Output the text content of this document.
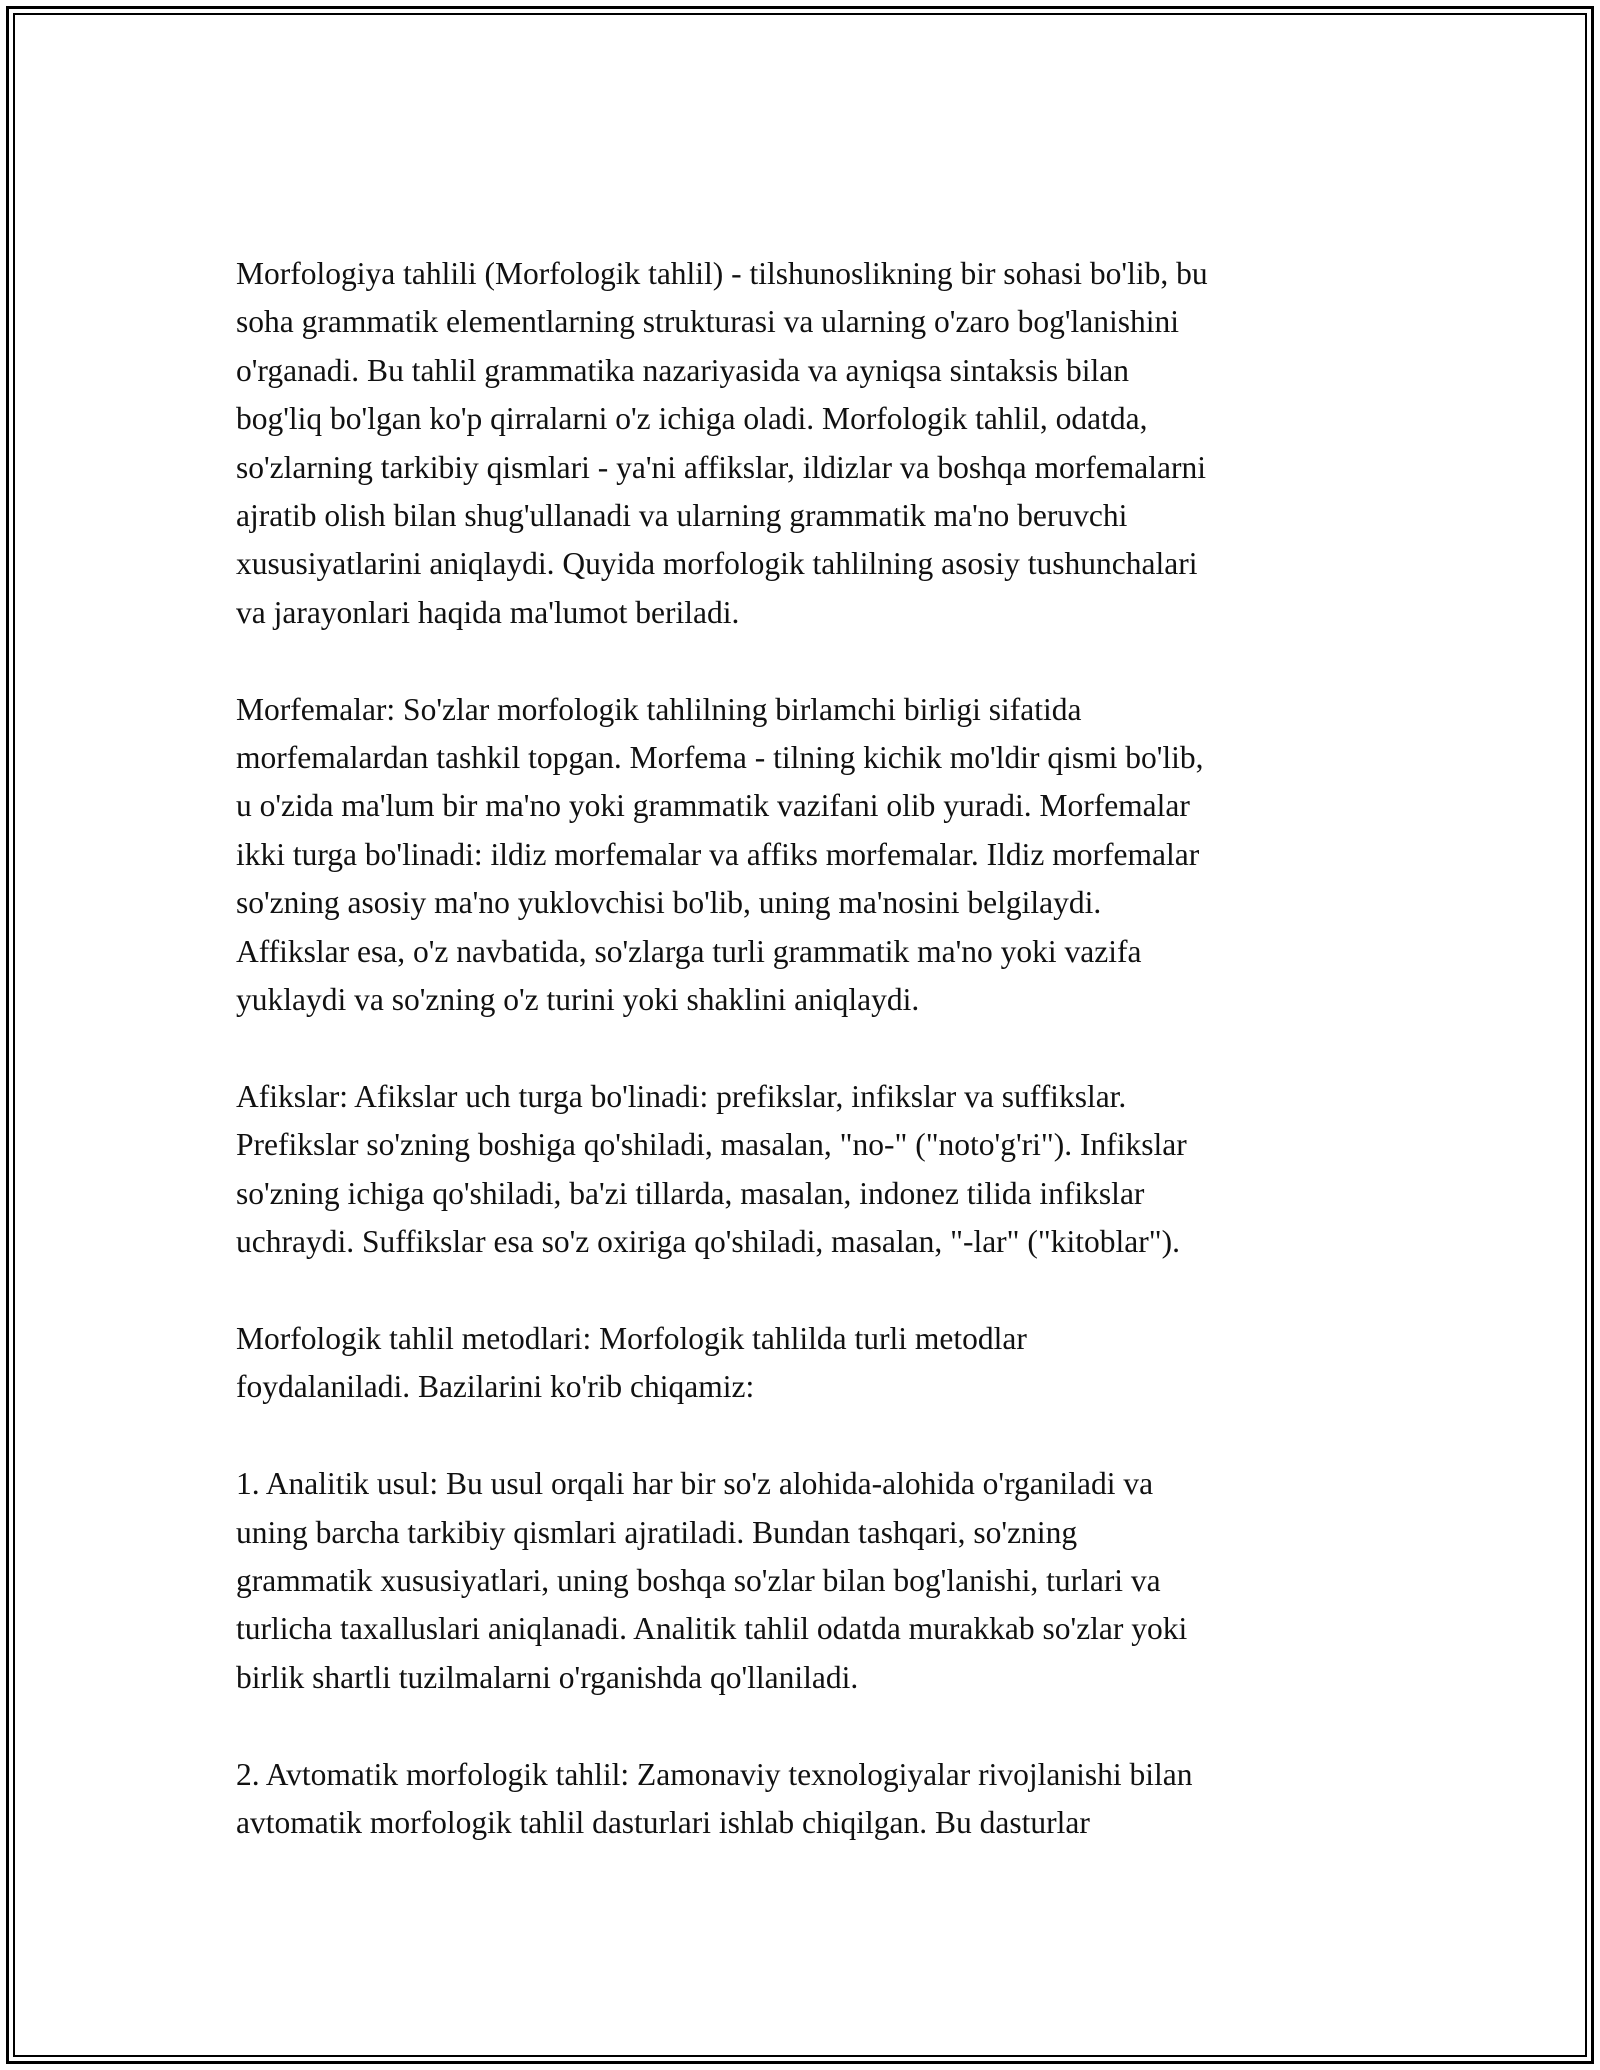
Morfologiya tahlili (Morfologik tahlil) - tilshunoslikning bir sohasi bo'lib, bu
soha grammatik elementlarning strukturasi va ularning o'zaro bog'lanishini
o'rganadi. Bu tahlil grammatika nazariyasida va ayniqsa sintaksis bilan
bog'liq bo'lgan ko'p qirralarni o'z ichiga oladi. Morfologik tahlil, odatda,
so'zlarning tarkibiy qismlari - ya'ni affikslar, ildizlar va boshqa morfemalarni
ajratib olish bilan shug'ullanadi va ularning grammatik ma'no beruvchi
xususiyatlarini aniqlaydi. Quyida morfologik tahlilning asosiy tushunchalari
va jarayonlari haqida ma'lumot beriladi.

Morfemalar: So'zlar morfologik tahlilning birlamchi birligi sifatida
morfemalardan tashkil topgan. Morfema - tilning kichik mo'ldir qismi bo'lib,
u o'zida ma'lum bir ma'no yoki grammatik vazifani olib yuradi. Morfemalar
ikki turga bo'linadi: ildiz morfemalar va affiks morfemalar. Ildiz morfemalar
so'zning asosiy ma'no yuklovchisi bo'lib, uning ma'nosini belgilaydi.
Affikslar esa, o'z navbatida, so'zlarga turli grammatik ma'no yoki vazifa
yuklaydi va so'zning o'z turini yoki shaklini aniqlaydi.

Afikslar: Afikslar uch turga bo'linadi: prefikslar, infikslar va suffikslar.
Prefikslar so'zning boshiga qo'shiladi, masalan, "no-" ("noto'g'ri"). Infikslar
so'zning ichiga qo'shiladi, ba'zi tillarda, masalan, indonez tilida infikslar
uchraydi. Suffikslar esa so'z oxiriga qo'shiladi, masalan, "-lar" ("kitoblar").

Morfologik tahlil metodlari: Morfologik tahlilda turli metodlar
foydalaniladi. Bazilarini ko'rib chiqamiz:

1. Analitik usul: Bu usul orqali har bir so'z alohida-alohida o'rganiladi va
uning barcha tarkibiy qismlari ajratiladi. Bundan tashqari, so'zning
grammatik xususiyatlari, uning boshqa so'zlar bilan bog'lanishi, turlari va
turlicha taxalluslari aniqlanadi. Analitik tahlil odatda murakkab so'zlar yoki
birlik shartli tuzilmalarni o'rganishda qo'llaniladi.

2. Avtomatik morfologik tahlil: Zamonaviy texnologiyalar rivojlanishi bilan
avtomatik morfologik tahlil dasturlari ishlab chiqilgan. Bu dasturlar
